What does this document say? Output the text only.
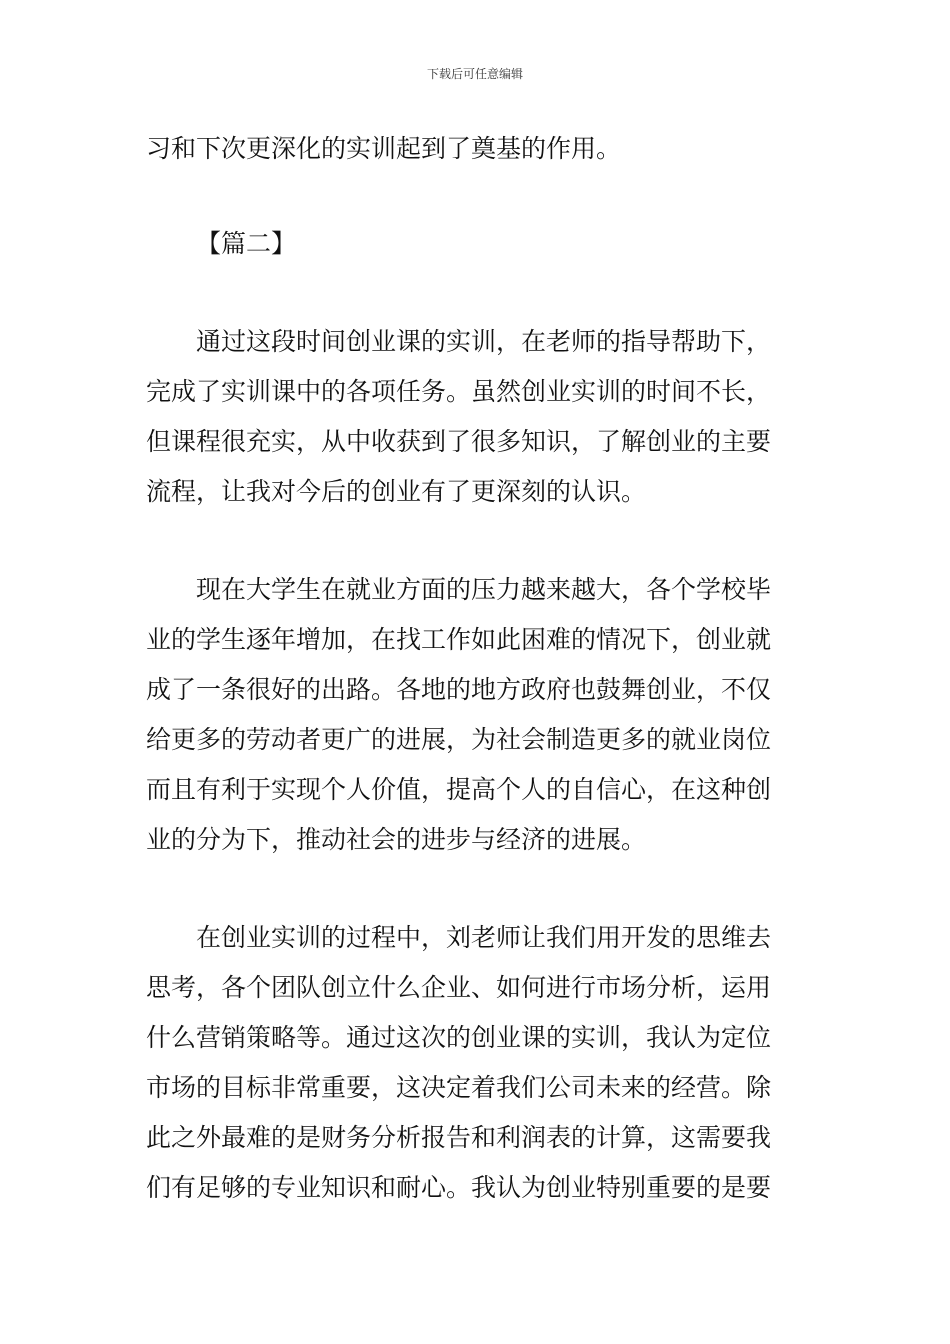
下载后可任意编辑
习和下次更深化的实训起到了奠基的作用。
【篇二】
通过这段时间创业课的实训，在老师的指导帮助下，
完成了实训课中的各项任务。虽然创业实训的时间不长，
但课程很充实，从中收获到了很多知识，了解创业的主要
流程，让我对今后的创业有了更深刻的认识。
现在大学生在就业方面的压力越来越大，各个学校毕
业的学生逐年增加，在找工作如此困难的情况下，创业就
成了一条很好的出路。各地的地方政府也鼓舞创业，不仅
给更多的劳动者更广的进展，为社会制造更多的就业岗位
而且有利于实现个人价值，提高个人的自信心，在这种创
业的分为下，推动社会的进步与经济的进展。
在创业实训的过程中，刘老师让我们用开发的思维去
思考，各个团队创立什么企业、如何进行市场分析，运用
什么营销策略等。通过这次的创业课的实训，我认为定位
市场的目标非常重要，这决定着我们公司未来的经营。除
此之外最难的是财务分析报告和利润表的计算，这需要我
们有足够的专业知识和耐心。我认为创业特别重要的是要
